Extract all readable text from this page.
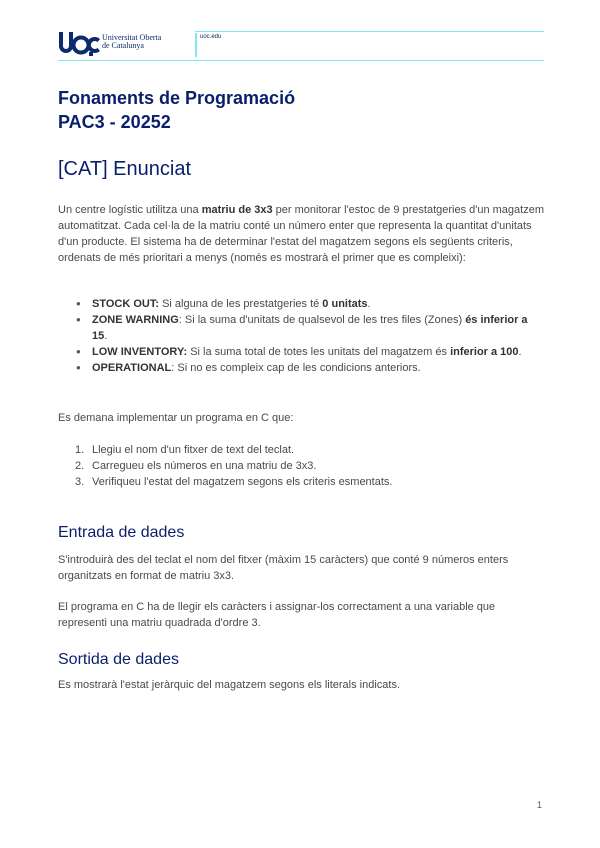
Universitat Oberta
de Catalunya
uoc.edu
Fonaments de Programació
PAC3 - 20252
[CAT] Enunciat

Un centre logístic utilitza una matriu de 3x3 per monitorar l'estoc de 9 prestatgeries d'un magatzem automatitzat. Cada cel·la de la matriu conté un número enter que representa la quantitat d'unitats d'un producte. El sistema ha de determinar l'estat del magatzem segons els següents criteris, ordenats de més prioritari a menys (només es mostrarà el primer que es compleixi):

● STOCK OUT: Si alguna de les prestatgeries té 0 unitats.
● ZONE WARNING: Si la suma d'unitats de qualsevol de les tres files (Zones) és inferior a 15.
● LOW INVENTORY: Si la suma total de totes les unitats del magatzem és inferior a 100.
● OPERATIONAL: Si no es compleix cap de les condicions anteriors.

Es demana implementar un programa en C que:

1. Llegiu el nom d'un fitxer de text del teclat.
2. Carregueu els números en una matriu de 3x3.
3. Verifiqueu l'estat del magatzem segons els criteris esmentats.
Entrada de dades

S'introduirà des del teclat el nom del fitxer (màxim 15 caràcters) que conté 9 números enters organitzats en format de matriu 3x3.

El programa en C ha de llegir els caràcters i assignar-los correctament a una variable que representi una matriu quadrada d'ordre 3.

Sortida de dades

Es mostrarà l'estat jeràrquic del magatzem segons els literals indicats.

1
